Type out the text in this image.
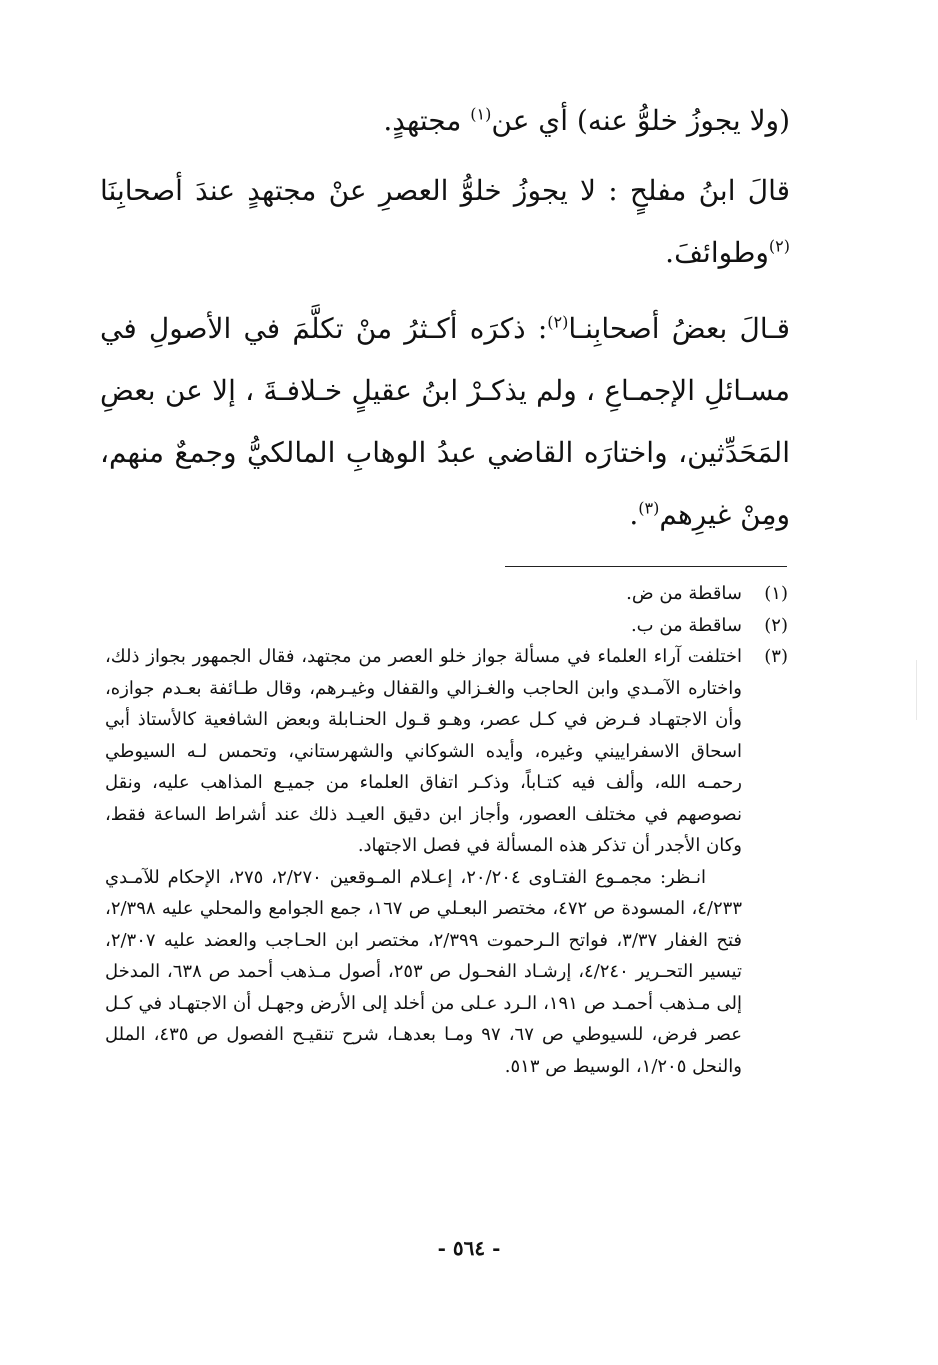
(ولا يجوزُ خلوُّ عنه) أي عن$^{(١)}$ مجتهدٍ.

قالَ ابنُ مفلحٍ : لا يجوزُ خلوُّ العصرِ عنْ مجتهدٍ عندَ أصحابِنَا $^{(٢)}$وطوائفَ.

قـالَ بعضُ أصحابِنـا$^{(٢)}$: ذكرَه أكـثرُ منْ تكلَّمَ في الأصولِ في مسـائلِ الإجمـاعِ ، ولم يذكـرْ ابنُ عقيلٍ خـلافـةَ ، إلا عن بعضِ المَحَدِّثين، واختارَه القاضي عبدُ الوهابِ المالكيُّ وجمعٌ منهم، ومِنْ غيرِهم$^{(٣)}$.

(١)
ساقطة من ض.
(٢)
ساقطة من ب.
(٣)
اختلفت آراء العلماء في مسألة جواز خلو العصر من مجتهد، فقال الجمهور بجواز ذلك، واختاره الآمـدي وابن الحاجب والغـزالي والقفال وغيـرهم، وقال طـائفة بعـدم جوازه، وأن الاجتهـاد فـرض في كـل عصر، وهـو قـول الحنـابلة وبعض الشافعية كالأستاذ أبي اسحاق الاسفراييني وغيره، وأيده الشوكاني والشهرستاني، وتحمس لـه السيوطي رحمـه الله، وألف فيه كتـاباً، وذكـر اتفاق العلماء من جميـع المذاهب عليه، ونقل نصوصهم في مختلف العصور، وأجاز ابن دقيق العيـد ذلك عند أشراط الساعة فقط، وكان الأجدر أن تذكر هذه المسألة في فصل الاجتهاد.
انـظر: مجمـوع الفتـاوى ٢٠/٢٠٤، إعـلام المـوقعين ٢/٢٧٠، ٢٧٥، الإحكام للآمـدي ٤/٢٣٣، المسودة ص ٤٧٢، مختصر البعـلي ص ١٦٧، جمع الجوامع والمحلي عليه ٢/٣٩٨، فتح الغفار ٣/٣٧، فواتح الـرحموت ٢/٣٩٩، مختصر ابن الحـاجب والعضد عليه ٢/٣٠٧، تيسير التحـرير ٤/٢٤٠، إرشـاد الفحـول ص ٢٥٣، أصول مـذهب أحمد ص ٦٣٨، المدخل إلى مـذهب أحمـد ص ١٩١، الـرد عـلى من أخلد إلى الأرض وجهـل أن الاجتهـاد في كـل عصر فرض، للسيوطي ص ٦٧، ٩٧ ومـا بعدهـا، شرح تنقيـح الفصول ص ٤٣٥، الملل والنحل ١/٢٠٥، الوسيط ص ٥١٣.
- ٥٦٤ -
